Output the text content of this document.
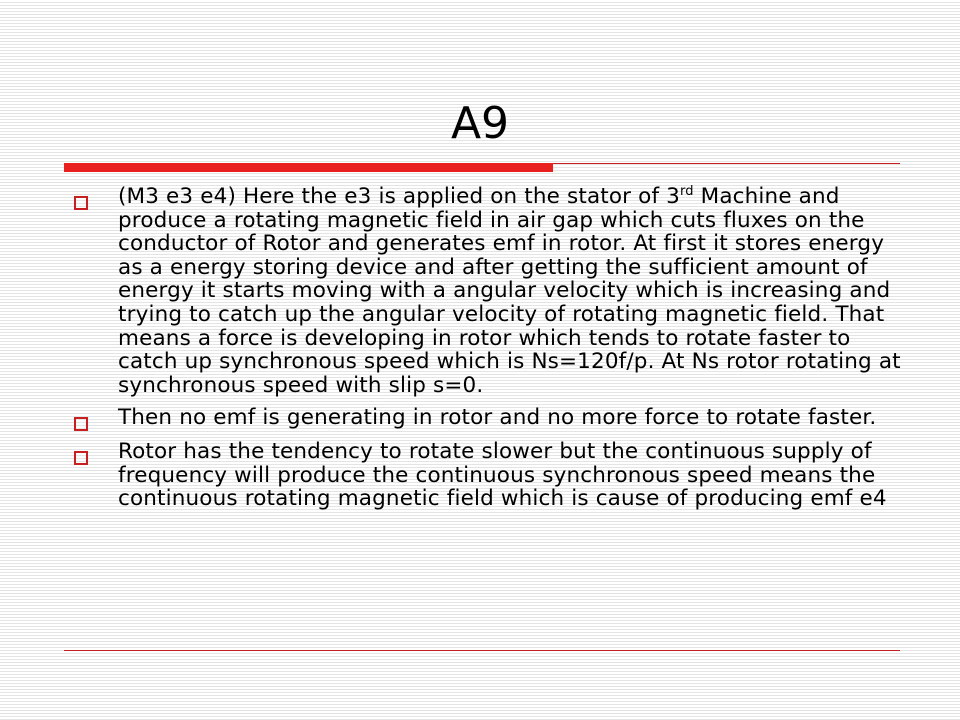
A9
(M3 e3 e4) Here the e3 is applied on the stator of 3rd Machine and produce a rotating magnetic field in air gap which cuts fluxes on the conductor of Rotor and generates emf in rotor. At first it stores energy as a energy storing device and after getting the sufficient amount of energy it starts moving with a angular velocity which is increasing and trying to catch up the angular velocity of rotating magnetic field. That means a force is developing in rotor which tends to rotate faster to catch up synchronous speed which is Ns=120f/p. At Ns rotor rotating at synchronous speed with slip s=0.
Then no emf is generating in rotor and no more force to rotate faster.
Rotor has the tendency to rotate slower but the continuous supply of frequency will produce the continuous synchronous speed means the continuous rotating magnetic field which is cause of producing emf e4
